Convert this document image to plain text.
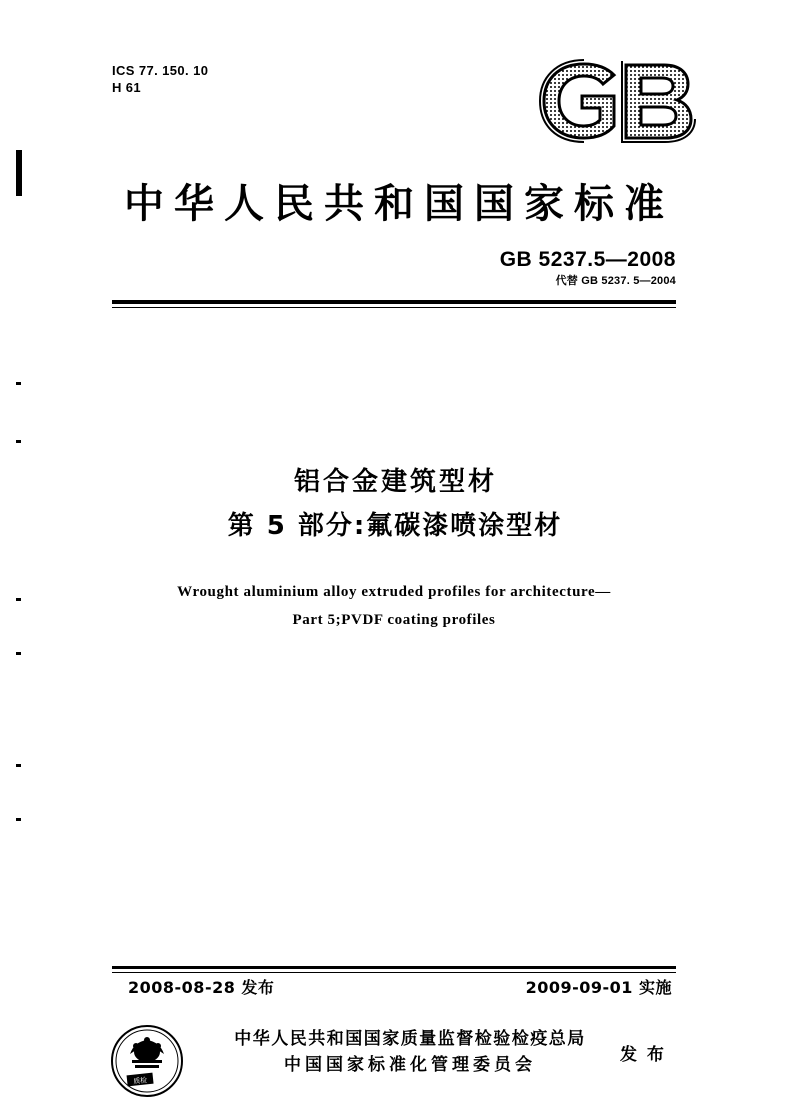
ICS 77. 150. 10
H 61
中华人民共和国国家标准
GB 5237.5—2008
代替 GB 5237. 5—2004
铝合金建筑型材
第 5 部分:氟碳漆喷涂型材
Wrought aluminium alloy extruded profiles for architecture—
Part 5;PVDF coating profiles
2008-08-28 发布	2009-09-01 实施
质检
中华人民共和国国家质量监督检验检疫总局
中国国家标准化管理委员会	发 布
